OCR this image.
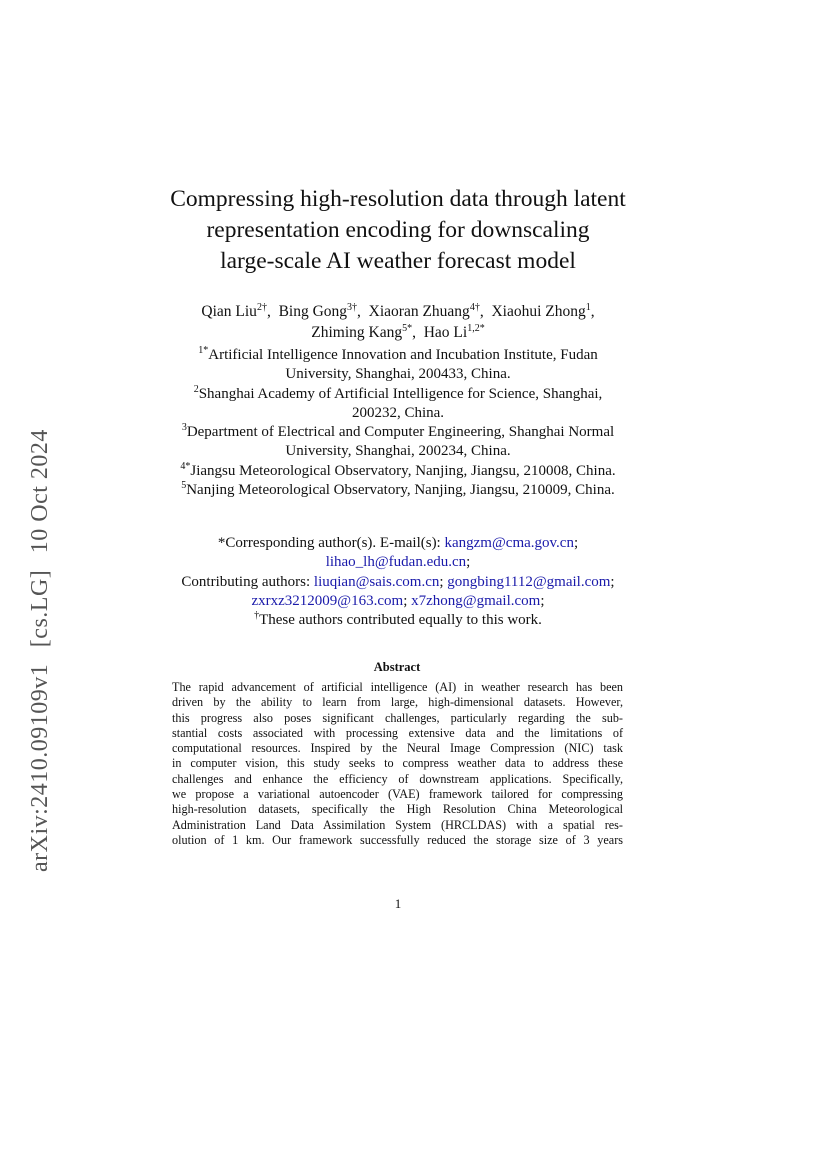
arXiv:2410.09109v1 [cs.LG] 10 Oct 2024
Compressing high-resolution data through latent
representation encoding for downscaling
large-scale AI weather forecast model
Qian Liu$^{2\dagger}$,  Bing Gong$^{3\dagger}$,  Xiaoran Zhuang$^{4\dagger}$,  Xiaohui Zhong$^1$,
Zhiming Kang$^{5*}$,  Hao $Li^{1,2*}$
$^{1*}$Artificial Intelligence Innovation and Incubation Institute, Fudan
University, Shanghai, 200433, China.
$^2$Shanghai Academy of Artificial Intelligence for Science, Shanghai,
200232, China.
$^3$Department of Electrical and Computer Engineering, Shanghai Normal
University, Shanghai, 200234, China.
$^{4*}$Jiangsu Meteorological Observatory, Nanjing, Jiangsu, 210008, China.
$^5$Nanjing Meteorological Observatory, Nanjing, Jiangsu, 210009, China.
*Corresponding author(s). E-mail(s): kangzm@cma.gov.cn;
lihao_lh@fudan.edu.cn;
Contributing authors: liuqian@sais.com.cn; gongbing1112@gmail.com;
zxrxz3212009@163.com; x7zhong@gmail.com;
†These authors contributed equally to this work.
Abstract
The rapid advancement of artificial intelligence (AI) in weather research has been
driven by the ability to learn from large, high-dimensional datasets. However,
this progress also poses significant challenges, particularly regarding the sub-
stantial costs associated with processing extensive data and the limitations of
computational resources. Inspired by the Neural Image Compression (NIC) task
in computer vision, this study seeks to compress weather data to address these
challenges and enhance the efficiency of downstream applications. Specifically,
we propose a variational autoencoder (VAE) framework tailored for compressing
high-resolution datasets, specifically the High Resolution China Meteorological
Administration Land Data Assimilation System (HRCLDAS) with a spatial res-
olution of 1 km. Our framework successfully reduced the storage size of 3 years
1
